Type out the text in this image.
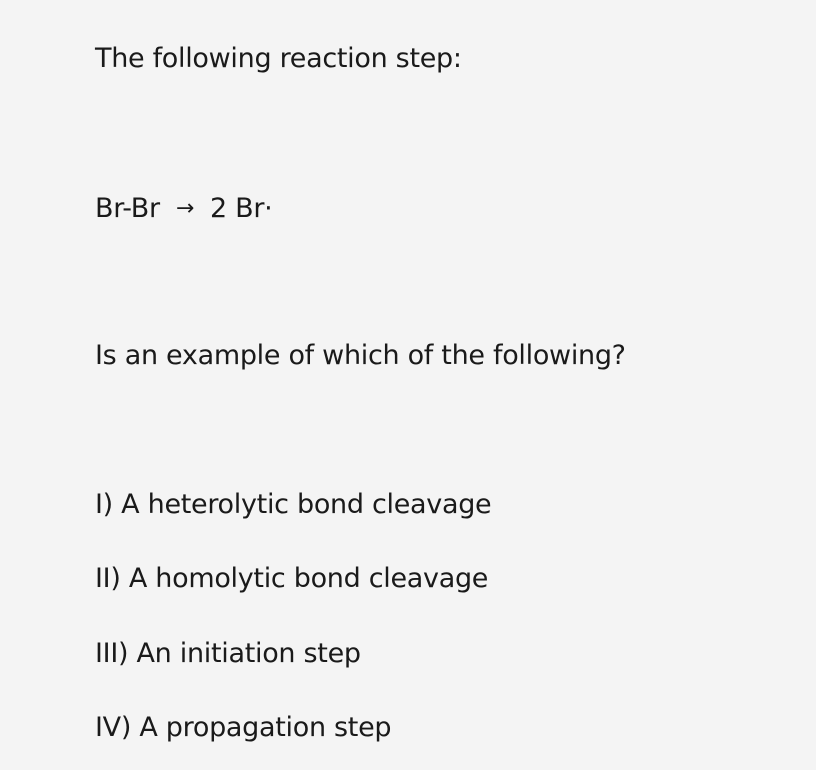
The following reaction step:

Br-Br → 2 Br·

Is an example of which of the following?

I) A heterolytic bond cleavage

II) A homolytic bond cleavage

III) An initiation step

IV) A propagation step
